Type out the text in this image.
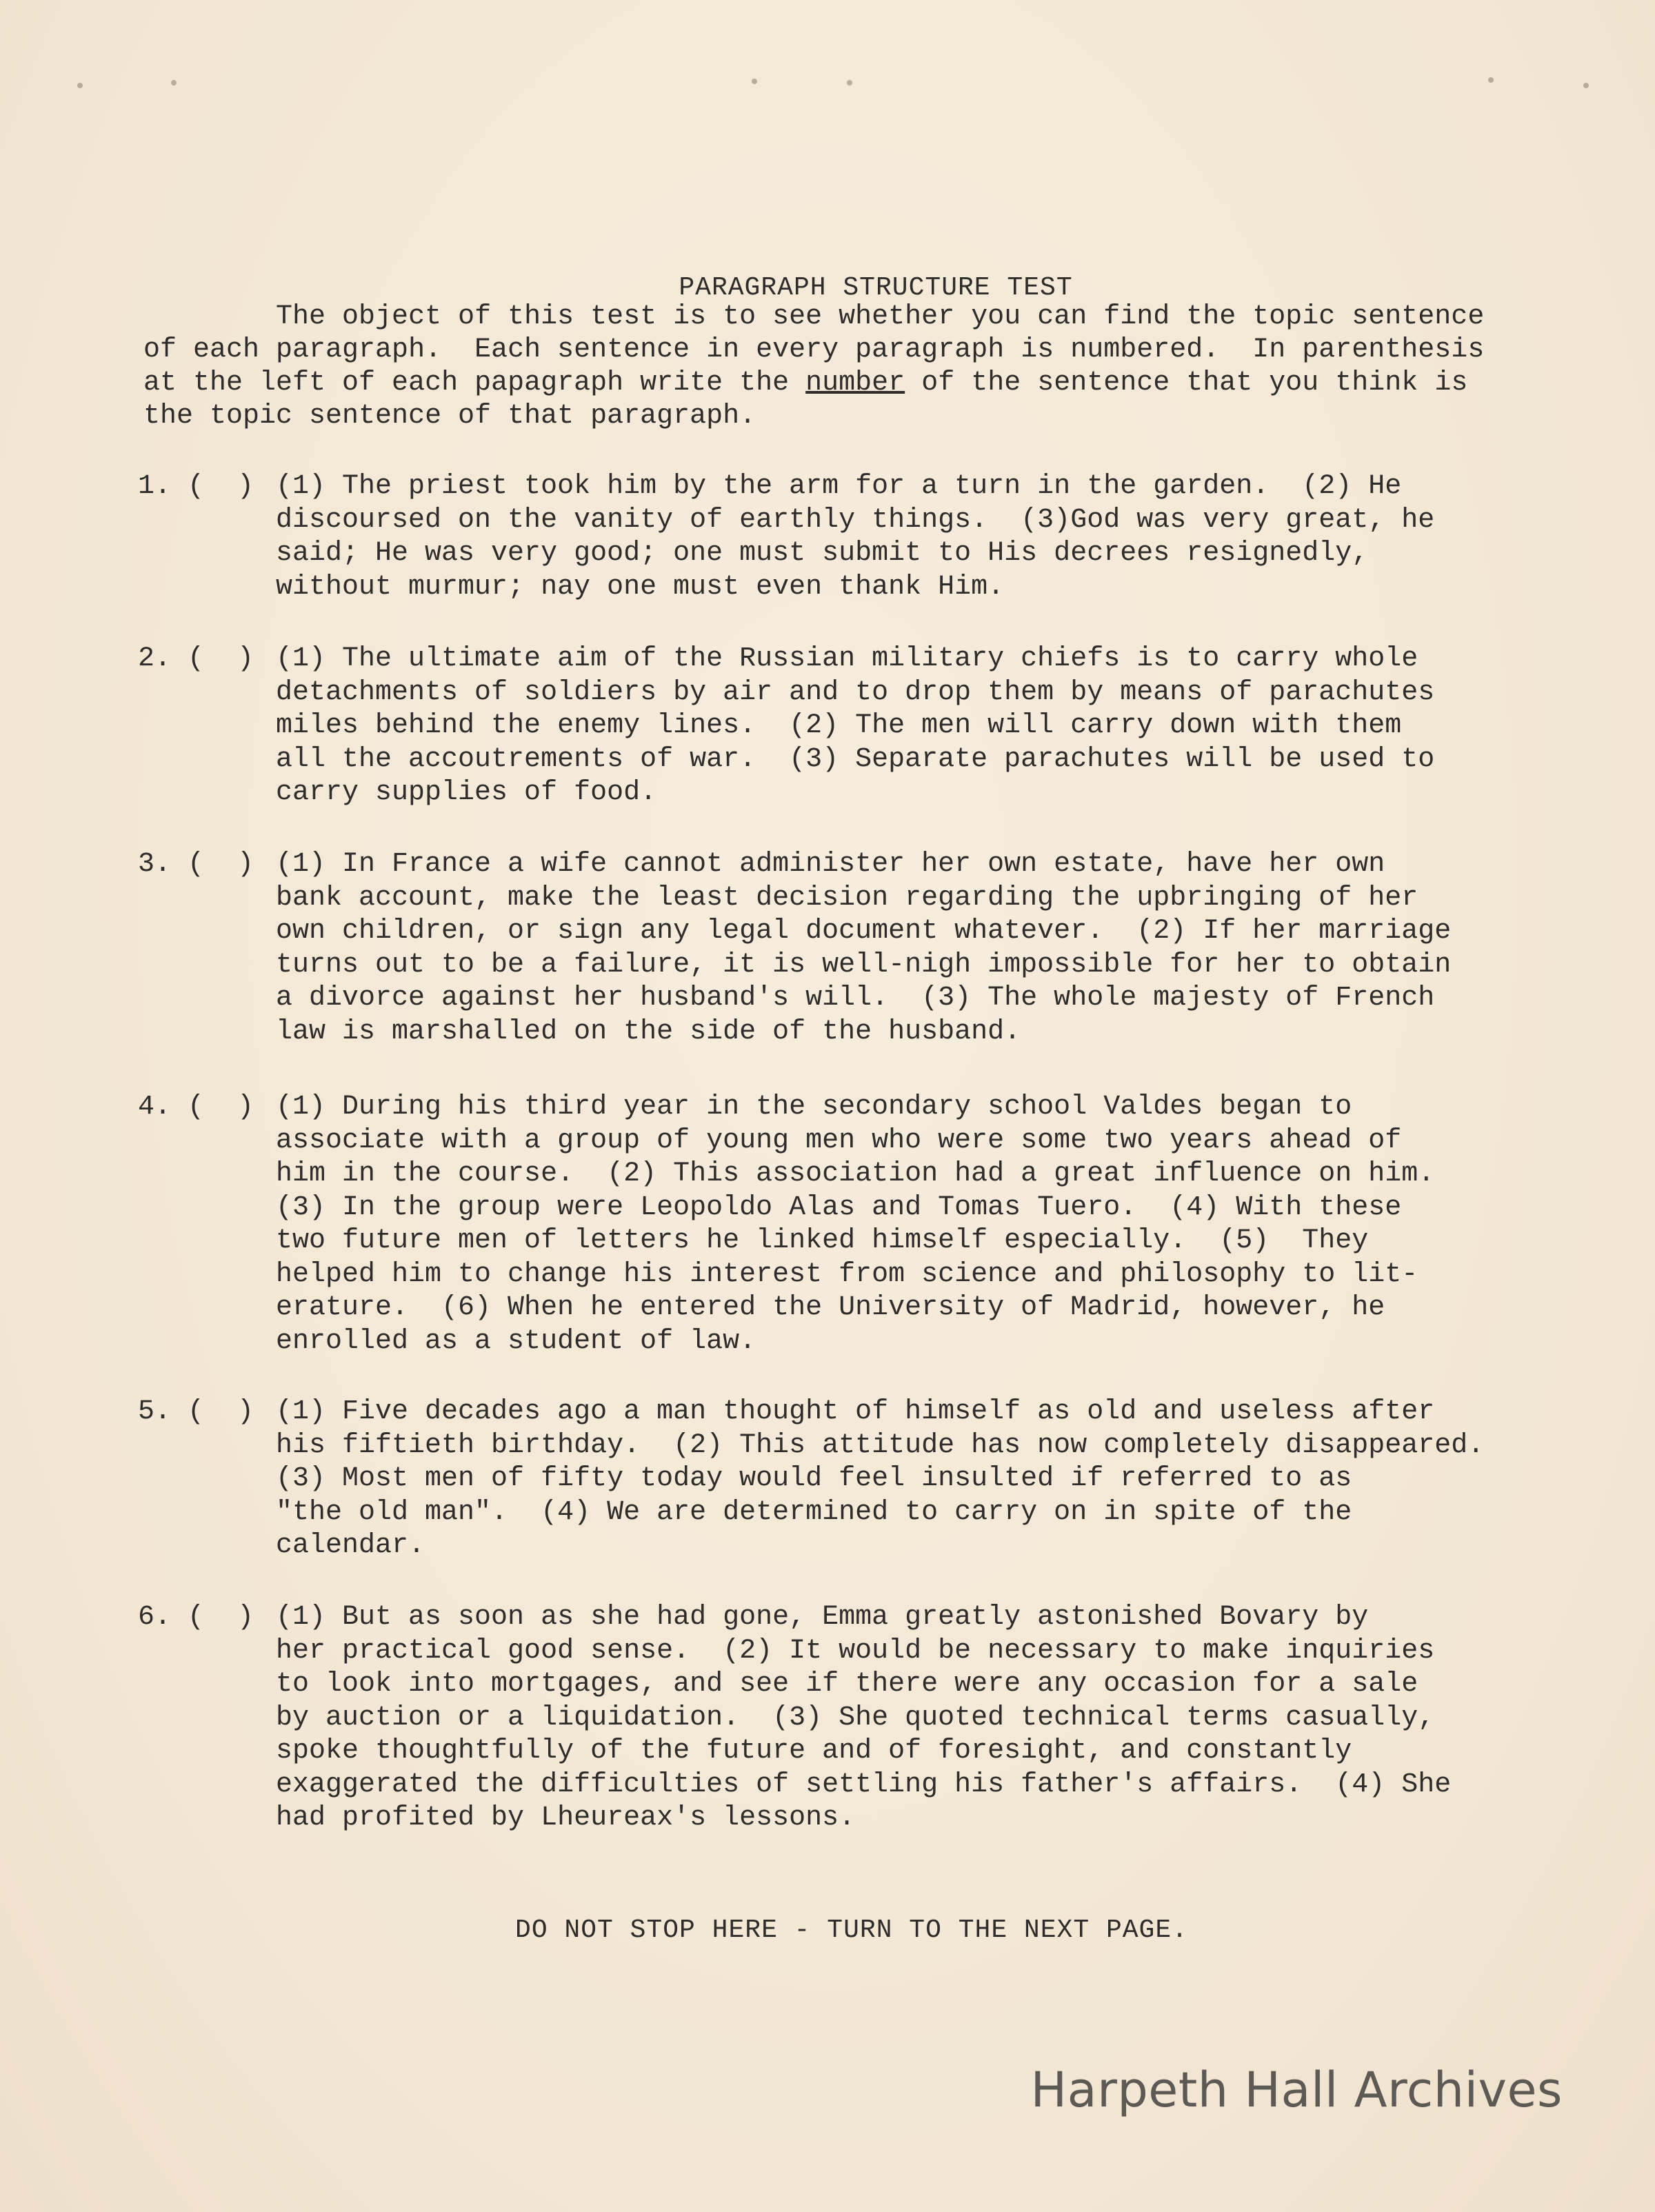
PARAGRAPH STRUCTURE TEST
The object of this test is to see whether you can find the topic sentence
of each paragraph.  Each sentence in every paragraph is numbered.  In parenthesis
at the left of each papagraph write the number of the sentence that you think is
the topic sentence of that paragraph.
1. (  ) (1) The priest took him by the arm for a turn in the garden.  (2) He
discoursed on the vanity of earthly things.  (3)God was very great, he
said; He was very good; one must submit to His decrees resignedly,
without murmur; nay one must even thank Him.
2. (  ) (1) The ultimate aim of the Russian military chiefs is to carry whole
detachments of soldiers by air and to drop them by means of parachutes
miles behind the enemy lines.  (2) The men will carry down with them
all the accoutrements of war.  (3) Separate parachutes will be used to
carry supplies of food.
3. (  ) (1) In France a wife cannot administer her own estate, have her own
bank account, make the least decision regarding the upbringing of her
own children, or sign any legal document whatever.  (2) If her marriage
turns out to be a failure, it is well-nigh impossible for her to obtain
a divorce against her husband's will.  (3) The whole majesty of French
law is marshalled on the side of the husband.
4. (  ) (1) During his third year in the secondary school Valdes began to
associate with a group of young men who were some two years ahead of
him in the course.  (2) This association had a great influence on him.
(3) In the group were Leopoldo Alas and Tomas Tuero.  (4) With these
two future men of letters he linked himself especially.  (5)  They
helped him to change his interest from science and philosophy to lit-
erature.  (6) When he entered the University of Madrid, however, he
enrolled as a student of law.
5. (  ) (1) Five decades ago a man thought of himself as old and useless after
his fiftieth birthday.  (2) This attitude has now completely disappeared.
(3) Most men of fifty today would feel insulted if referred to as
"the old man".  (4) We are determined to carry on in spite of the
calendar.
6. (  ) (1) But as soon as she had gone, Emma greatly astonished Bovary by
her practical good sense.  (2) It would be necessary to make inquiries
to look into mortgages, and see if there were any occasion for a sale
by auction or a liquidation.  (3) She quoted technical terms casually,
spoke thoughtfully of the future and of foresight, and constantly
exaggerated the difficulties of settling his father's affairs.  (4) She
had profited by Lheureax's lessons.
DO NOT STOP HERE - TURN TO THE NEXT PAGE.
Harpeth Hall Archives
